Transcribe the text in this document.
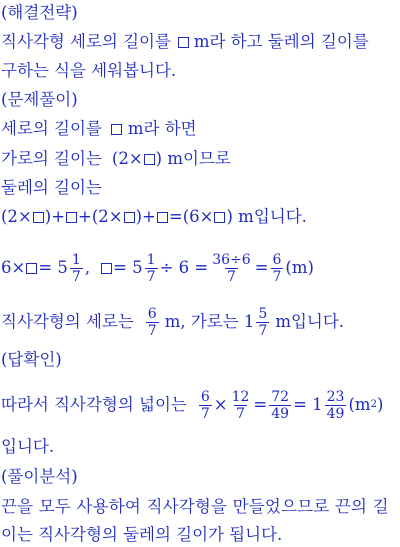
(해결전략)
직사각형 세로의 길이를 m라 하고 둘레의 길이를
구하는 식을 세워봅니다.
(문제풀이)
세로의 길이를 m라 하면
가로의 길이는 (2× ) m이므로
둘레의 길이는
(2× )+ +(2× )+ =(6× ) m입니다.
$6\times = 5 \frac{1}{7}$ , = $5 \frac{1}{7} \div 6 = \frac{36\div 6}{7} = \frac{6}{7} (m)$
직사각형의 세로는 $\frac{6}{7} m$, 가로는 $1 \frac{5}{7}$ m입니다.
(답확인)
따라서 직사각형의 넓이는 $\frac{6}{7} \times \frac{12}{7} = \frac{72}{49} = 1 \frac{23}{49} (m$ 2 )
입니다.
(풀이분석)
끈을 모두 사용하여 직사각형을 만들었으므로 끈의 길
이는 직사각형의 둘레의 길이가 됩니다.
